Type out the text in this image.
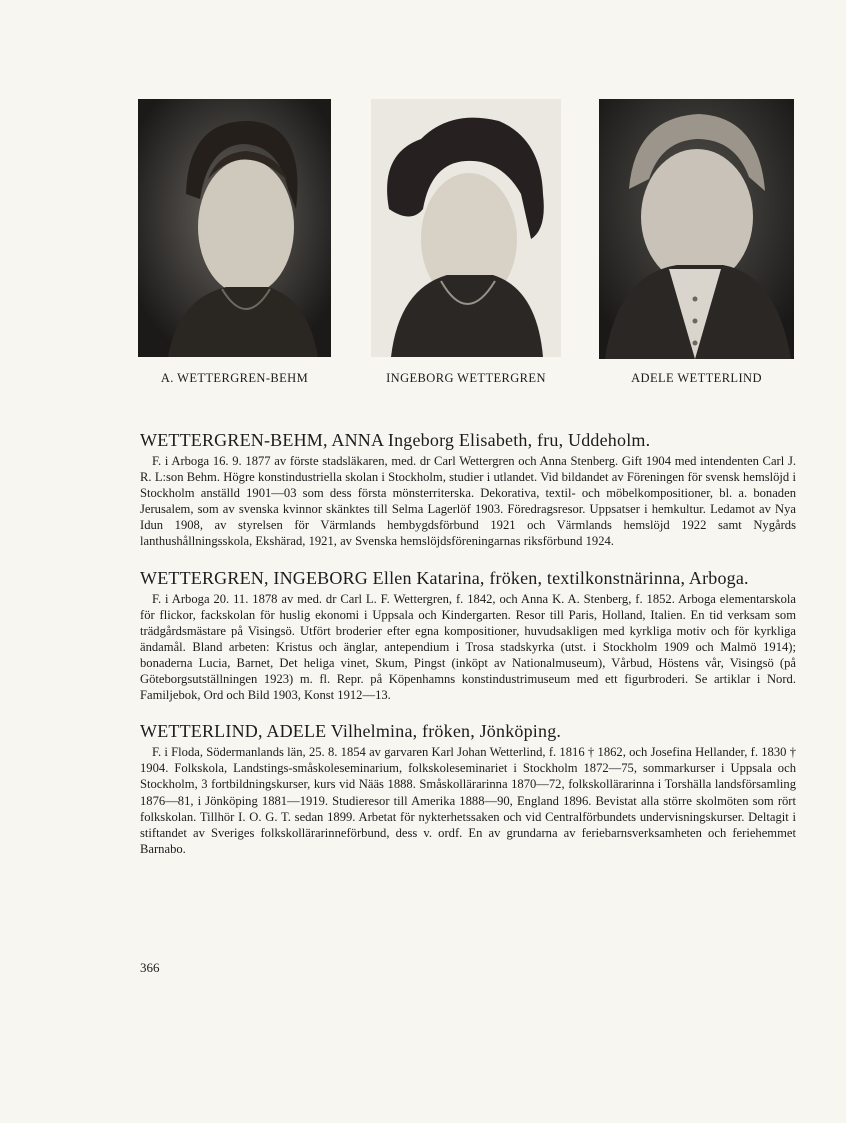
A. WETTERGREN-BEHM	INGEBORG WETTERGREN	ADELE WETTERLIND
WETTERGREN-BEHM, ANNA Ingeborg Elisabeth, fru, Uddeholm.
F. i Arboga 16. 9. 1877 av förste stadsläkaren, med. dr Carl Wettergren och Anna Stenberg. Gift 1904 med intendenten Carl J. R. L:son Behm. Högre konstindustriella skolan i Stockholm, studier i utlandet. Vid bildandet av Föreningen för svensk hemslöjd i Stockholm anställd 1901—03 som dess första mönsterriterska. Dekorativa, textil- och möbelkompositioner, bl. a. bonaden Jerusalem, som av svenska kvinnor skänktes till Selma Lagerlöf 1903. Föredragsresor. Uppsatser i hemkultur. Ledamot av Nya Idun 1908, av styrelsen för Värmlands hembygdsförbund 1921 och Värmlands hemslöjd 1922 samt Nygårds lanthushållningsskola, Ekshärad, 1921, av Svenska hemslöjdsföreningarnas riksförbund 1924.
WETTERGREN, INGEBORG Ellen Katarina, fröken, textilkonstnärinna, Arboga.
F. i Arboga 20. 11. 1878 av med. dr Carl L. F. Wettergren, f. 1842, och Anna K. A. Stenberg, f. 1852. Arboga elementarskola för flickor, fackskolan för huslig ekonomi i Uppsala och Kindergarten. Resor till Paris, Holland, Italien. En tid verksam som trädgårdsmästare på Visingsö. Utfört broderier efter egna kompositioner, huvudsakligen med kyrkliga motiv och för kyrkliga ändamål. Bland arbeten: Kristus och änglar, antependium i Trosa stadskyrka (utst. i Stockholm 1909 och Malmö 1914); bonaderna Lucia, Barnet, Det heliga vinet, Skum, Pingst (inköpt av Nationalmuseum), Vårbud, Höstens vår, Visingsö (på Göteborgsutställningen 1923) m. fl. Repr. på Köpenhamns konstindustrimuseum med ett figurbroderi. Se artiklar i Nord. Familjebok, Ord och Bild 1903, Konst 1912—13.
WETTERLIND, ADELE Vilhelmina, fröken, Jönköping.
F. i Floda, Södermanlands län, 25. 8. 1854 av garvaren Karl Johan Wetterlind, f. 1816 † 1862, och Josefina Hellander, f. 1830 † 1904. Folkskola, Landstings-småskoleseminarium, folkskoleseminariet i Stockholm 1872—75, sommarkurser i Uppsala och Stockholm, 3 fortbildningskurser, kurs vid Nääs 1888. Småskollärarinna 1870—72, folkskollärarinna i Torshälla landsförsamling 1876—81, i Jönköping 1881—1919. Studieresor till Amerika 1888—90, England 1896. Bevistat alla större skolmöten som rört folkskolan. Tillhör I. O. G. T. sedan 1899. Arbetat för nykterhetssaken och vid Centralförbundets undervisningskurser. Deltagit i stiftandet av Sveriges folkskollärarinneförbund, dess v. ordf. En av grundarna av feriebarnsverksamheten och feriehemmet Barnabo.
366
